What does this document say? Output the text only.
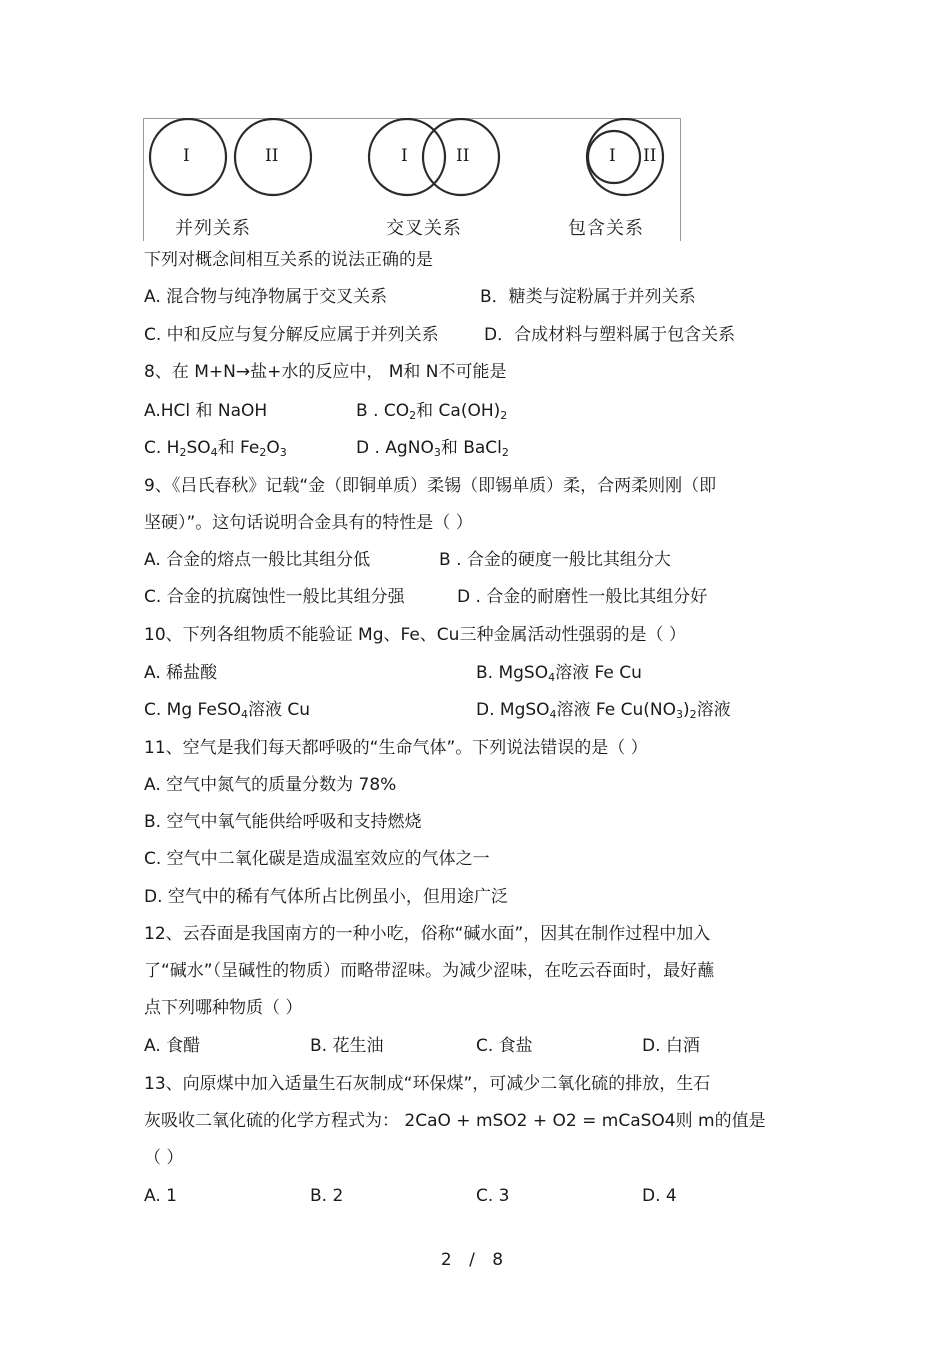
I	II	I	II	I II
并列关系	交叉关系	包含关系
下列对概念间相互关系的说法正确的是
A. 混合物与纯净物属于交叉关系	B．糖类与淀粉属于并列关系
C. 中和反应与复分解反应属于并列关系	D．合成材料与塑料属于包含关系
8、在 M+N→盐+水的反应中， M和 N不可能是
A.HCl 和 NaOH	B . $CO_2$和 $Ca(OH)_2$
C. $H_2SO_4$和 $Fe_2O_3$	D . AgNO$_3$和 BaCl$_2$
9、《吕氏春秋》记载“金（即铜单质）柔锡（即锡单质）柔，合两柔则刚（即
坚硬）”。这句话说明合金具有的特性是（ ）
A. 合金的熔点一般比其组分低	B . 合金的硬度一般比其组分大
C. 合金的抗腐蚀性一般比其组分强	D . 合金的耐磨性一般比其组分好
10、下列各组物质不能验证 Mg、Fe、Cu三种金属活动性强弱的是（ ）
A. 稀盐酸	B. MgSO$_4$溶液 Fe Cu
C. Mg FeSO$_4$溶液 Cu	D. MgSO$_4$溶液 Fe $Cu(NO_3)_2$溶液
11、空气是我们每天都呼吸的“生命气体”。下列说法错误的是（ ）
A. 空气中氮气的质量分数为 78%
B. 空气中氧气能供给呼吸和支持燃烧
C. 空气中二氧化碳是造成温室效应的气体之一
D. 空气中的稀有气体所占比例虽小，但用途广泛
12、云吞面是我国南方的一种小吃，俗称“碱水面”，因其在制作过程中加入
了“碱水”（呈碱性的物质）而略带涩味。为减少涩味，在吃云吞面时，最好蘸
点下列哪种物质（ ）
A. 食醋	B. 花生油	C. 食盐	D. 白酒
13、向原煤中加入适量生石灰制成“环保煤”，可减少二氧化硫的排放，生石
灰吸收二氧化硫的化学方程式为： 2CaO + mSO2 + O2 = mCaSO4则 m的值是
（ ）
A. 1	B. 2	C. 3	D. 4
2 / 8
